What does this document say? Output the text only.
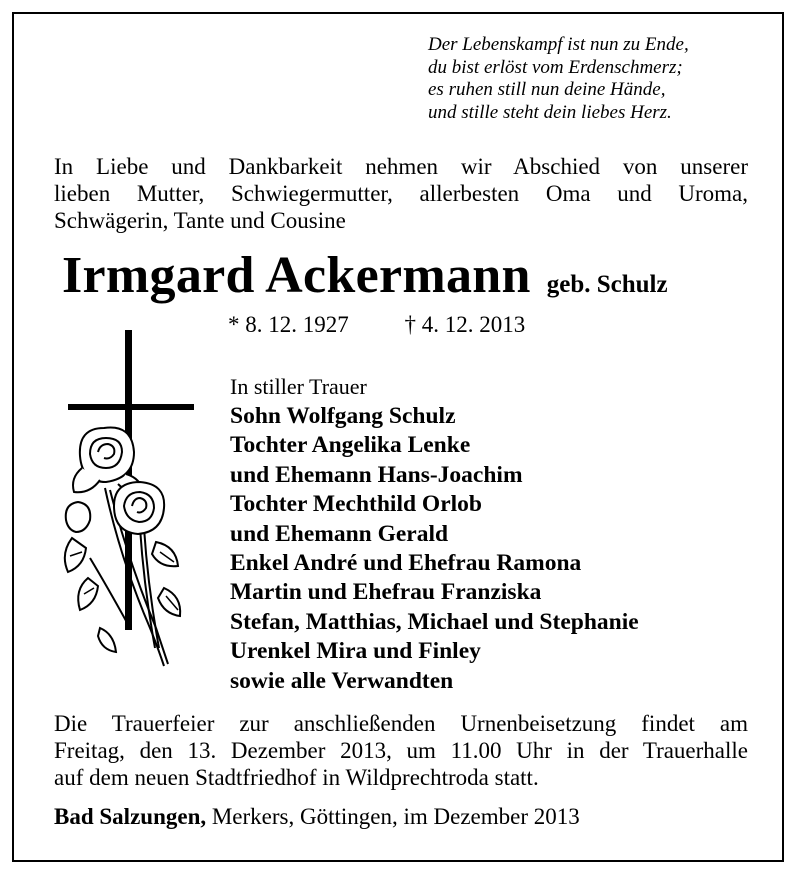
Der Lebenskampf ist nun zu Ende,
du bist erlöst vom Erdenschmerz;
es ruhen still nun deine Hände,
und stille steht dein liebes Herz.
In Liebe und Dankbarkeit nehmen wir Abschied von unserer
lieben Mutter, Schwiegermutter, allerbesten Oma und Uroma,
Schwägerin, Tante und Cousine
Irmgard Ackermann geb. Schulz
* 8. 12. 1927 † 4. 12. 2013
In stiller Trauer
Sohn Wolfgang Schulz
Tochter Angelika Lenke
und Ehemann Hans-Joachim
Tochter Mechthild Orlob
und Ehemann Gerald
Enkel André und Ehefrau Ramona
Martin und Ehefrau Franziska
Stefan, Matthias, Michael und Stephanie
Urenkel Mira und Finley
sowie alle Verwandten
Die Trauerfeier zur anschließenden Urnenbeisetzung findet am
Freitag, den 13. Dezember 2013, um 11.00 Uhr in der Trauerhalle
auf dem neuen Stadtfriedhof in Wildprechtroda statt.
Bad Salzungen, Merkers, Göttingen, im Dezember 2013
